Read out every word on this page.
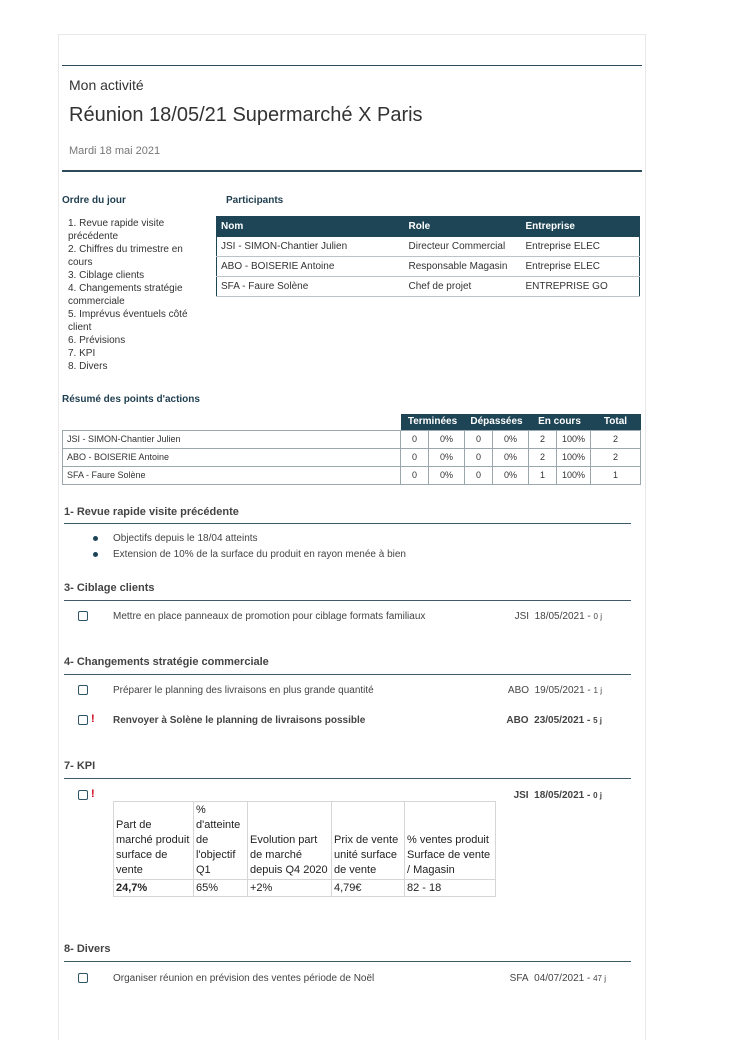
Mon activité
Réunion 18/05/21 Supermarché X Paris
Mardi 18 mai 2021
Ordre du jour
1. Revue rapide visite précédente
2. Chiffres du trimestre en cours
3. Ciblage clients
4. Changements stratégie commerciale
5. Imprévus éventuels côté client
6. Prévisions
7. KPI
8. Divers
Participants
Nom	Role	Entreprise
JSI - SIMON-Chantier Julien	Directeur Commercial	Entreprise ELEC
ABO - BOISERIE Antoine	Responsable Magasin	Entreprise ELEC
SFA - Faure Solène	Chef de projet	ENTREPRISE GO
Résumé des points d'actions
	Terminées		Dépassées		En cours		Total
JSI - SIMON-Chantier Julien	0	0%	0	0%	2	100%	2
ABO - BOISERIE Antoine	0	0%	0	0%	2	100%	2
SFA - Faure Solène	0	0%	0	0%	1	100%	1
1- Revue rapide visite précédente
Objectifs depuis le 18/04 atteints
Extension de 10% de la surface du produit en rayon menée à bien
3- Ciblage clients
Mettre en place panneaux de promotion pour ciblage formats familiaux	JSI 18/05/2021 - 0 j
4- Changements stratégie commerciale
Préparer le planning des livraisons en plus grande quantité	ABO 19/05/2021 - 1 j
! Renvoyer à Solène le planning de livraisons possible	ABO 23/05/2021 - 5 j
7- KPI
!	JSI 18/05/2021 - 0 j
Part de marché produit surface de vente	% d'atteinte de l'objectif Q1	Evolution part de marché depuis Q4 2020	Prix de vente unité surface de vente	% ventes produit Surface de vente / Magasin
24,7%	65%	+2%	4,79€	82 - 18
8- Divers
Organiser réunion en prévision des ventes période de Noël	SFA 04/07/2021 - 47 j
